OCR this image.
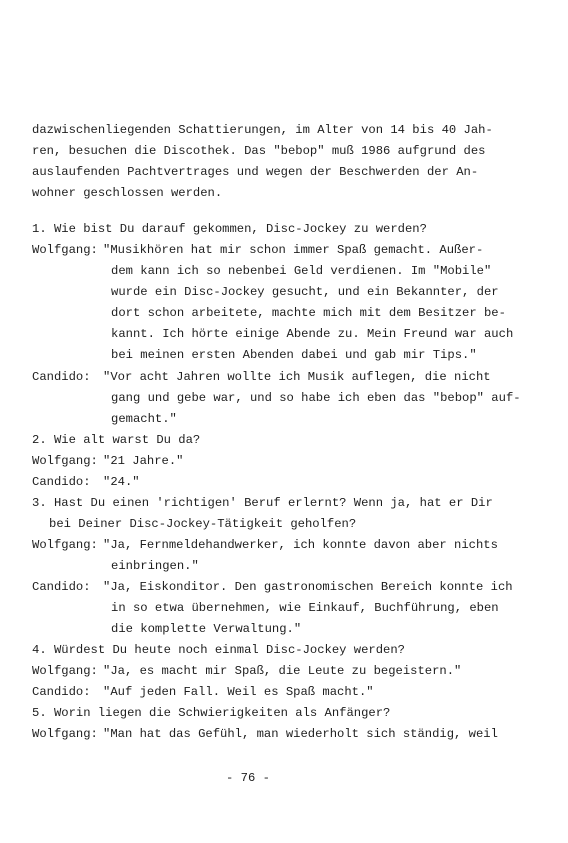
dazwischenliegenden Schattierungen, im Alter von 14 bis 40 Jah-
ren, besuchen die Discothek. Das "bebop" muß 1986 aufgrund des
auslaufenden Pachtvertrages und wegen der Beschwerden der An-
wohner geschlossen werden.
1. Wie bist Du darauf gekommen, Disc-Jockey zu werden?
Wolfgang: "Musikhören hat mir schon immer Spaß gemacht. Außer-
dem kann ich so nebenbei Geld verdienen. Im "Mobile"
wurde ein Disc-Jockey gesucht, und ein Bekannter, der
dort schon arbeitete, machte mich mit dem Besitzer be-
kannt. Ich hörte einige Abende zu. Mein Freund war auch
bei meinen ersten Abenden dabei und gab mir Tips."
Candido: "Vor acht Jahren wollte ich Musik auflegen, die nicht
gang und gebe war, und so habe ich eben das "bebop" auf-
gemacht."
2. Wie alt warst Du da?
Wolfgang: "21 Jahre."
Candido: "24."
3. Hast Du einen 'richtigen' Beruf erlernt? Wenn ja, hat er Dir
bei Deiner Disc-Jockey-Tätigkeit geholfen?
Wolfgang: "Ja, Fernmeldehandwerker, ich konnte davon aber nichts
einbringen."
Candido: "Ja, Eiskonditor. Den gastronomischen Bereich konnte ich
in so etwa übernehmen, wie Einkauf, Buchführung, eben
die komplette Verwaltung."
4. Würdest Du heute noch einmal Disc-Jockey werden?
Wolfgang: "Ja, es macht mir Spaß, die Leute zu begeistern."
Candido: "Auf jeden Fall. Weil es Spaß macht."
5. Worin liegen die Schwierigkeiten als Anfänger?
Wolfgang: "Man hat das Gefühl, man wiederholt sich ständig, weil
- 76 -
